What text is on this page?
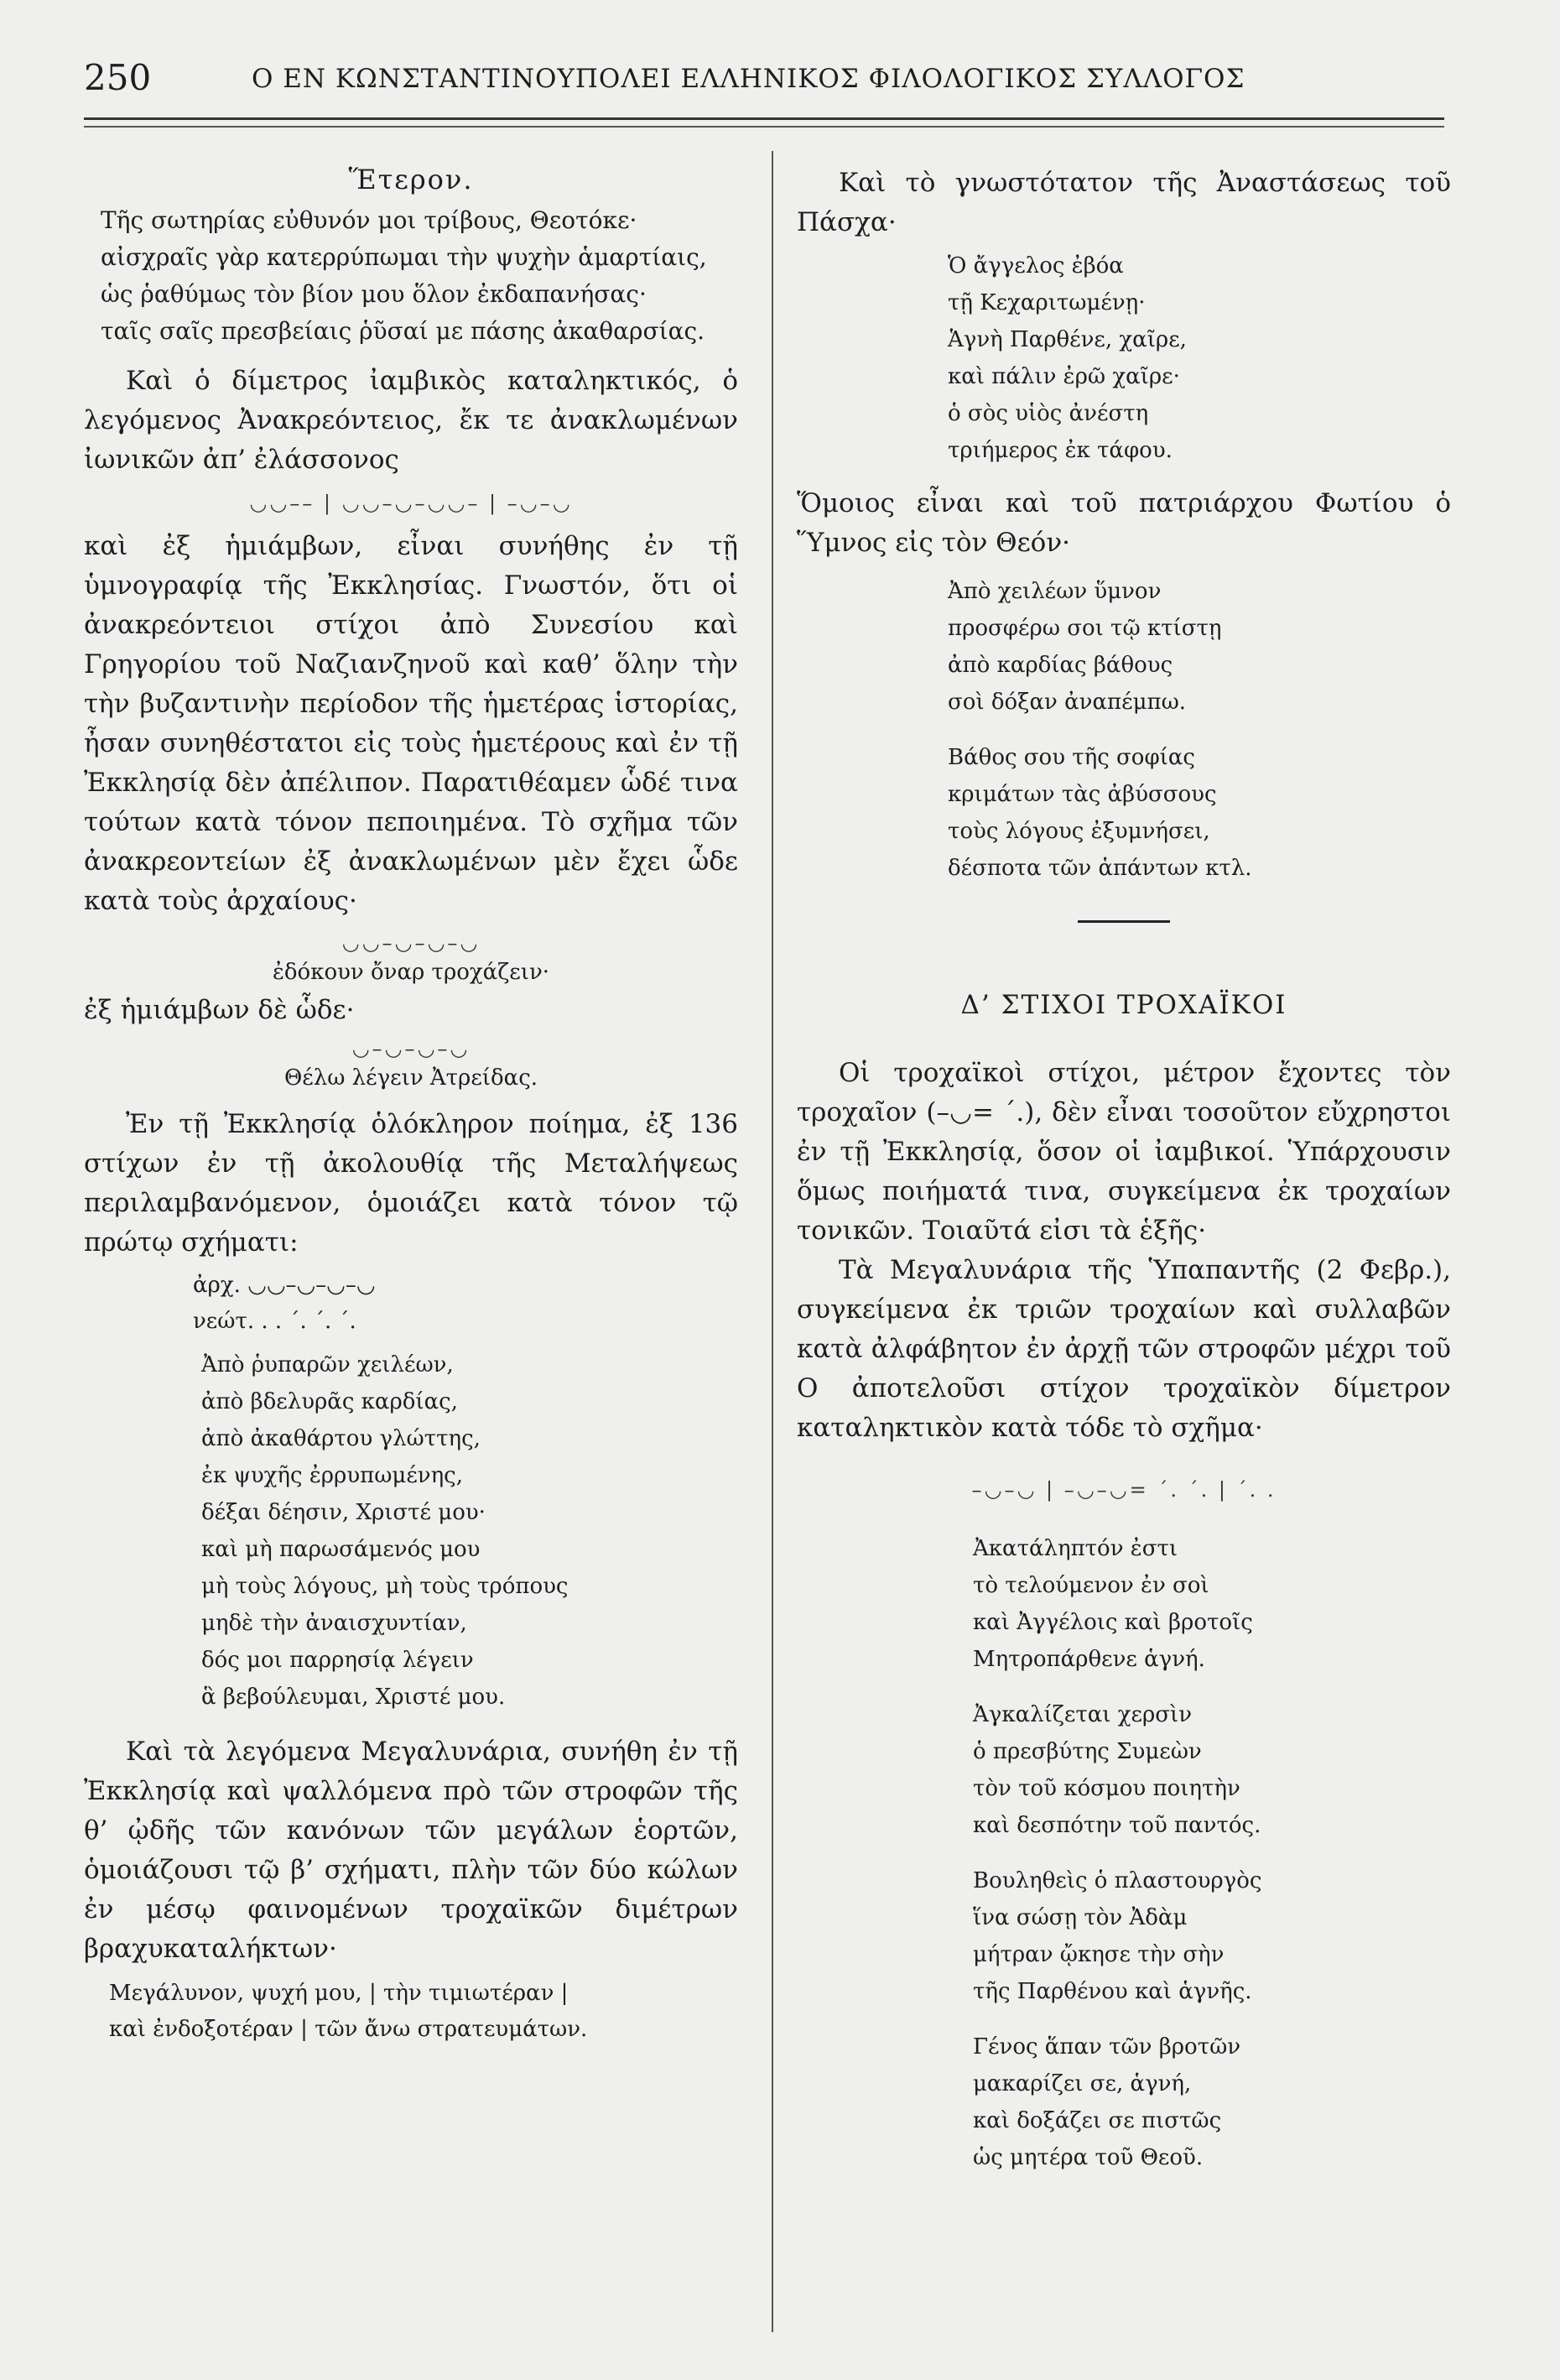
250	Ο ΕΝ ΚΩΝΣΤΑΝΤΙΝΟΥΠΟΛΕΙ ΕΛΛΗΝΙΚΟΣ ΦΙΛΟΛΟΓΙΚΟΣ ΣΥΛΛΟΓΟΣ

Ἕτερον.

Τῆς σωτηρίας εὐθυνόν μοι τρίβους, Θεοτόκε·

αἰσχραῖς γὰρ κατερρύπωμαι τὴν ψυχὴν ἁμαρτίαις,

ὡς ῥαθύμως τὸν βίον μου ὅλον ἐκδαπανήσας·

ταῖς σαῖς πρεσβείαις ῥῦσαί με πάσης ἀκαθαρσίας.

Καὶ ὁ δίμετρος ἰαμβικὸς καταληκτικός, ὁ λεγόμενος Ἀνακρεόντειος, ἔκ τε ἀνακλωμένων ἰωνικῶν ἀπ’ ἐλάσσονος

◡◡–– | ◡◡–◡–◡◡– | –◡–◡

καὶ ἐξ ἡμιάμβων, εἶναι συνήθης ἐν τῇ ὑμνογραφίᾳ τῆς Ἐκκλησίας. Γνωστόν, ὅτι οἱ ἀνακρεόντειοι στίχοι ἀπὸ Συνεσίου καὶ Γρηγορίου τοῦ Ναζιανζηνοῦ καὶ καθ’ ὅλην τὴν τὴν βυζαντινὴν περίοδον τῆς ἡμετέρας ἱστορίας, ἦσαν συνηθέστατοι εἰς τοὺς ἡμετέρους καὶ ἐν τῇ Ἐκκλησίᾳ δὲν ἀπέλιπον. Παρατιθέαμεν ὧδέ τινα τούτων κατὰ τόνον πεποιημένα. Τὸ σχῆμα τῶν ἀνακρεοντείων ἐξ ἀνακλωμένων μὲν ἔχει ὧδε κατὰ τοὺς ἀρχαίους·

◡◡–◡–◡–◡

ἐδόκουν ὄναρ τροχάζειν·

ἐξ ἡμιάμβων δὲ ὧδε·

◡–◡–◡–◡

Θέλω λέγειν Ἀτρείδας.

Ἐν τῇ Ἐκκλησίᾳ ὁλόκληρον ποίημα, ἐξ 136 στίχων ἐν τῇ ἀκολουθίᾳ τῆς Μεταλήψεως περιλαμβανόμενον, ὁμοιάζει κατὰ τόνον τῷ πρώτῳ σχήματι:

ἀρχ. ◡◡–◡–◡–◡

νεώτ. . . ´. ´. ´.

Ἀπὸ ῥυπαρῶν χειλέων,

ἀπὸ βδελυρᾶς καρδίας,

ἀπὸ ἀκαθάρτου γλώττης,

ἐκ ψυχῆς ἐρρυπωμένης,

δέξαι δέησιν, Χριστέ μου·

καὶ μὴ παρωσάμενός μου

μὴ τοὺς λόγους, μὴ τοὺς τρόπους

μηδὲ τὴν ἀναισχυντίαν,

δός μοι παρρησίᾳ λέγειν

ἃ βεβούλευμαι, Χριστέ μου.

Καὶ τὰ λεγόμενα Μεγαλυνάρια, συνήθη ἐν τῇ Ἐκκλησίᾳ καὶ ψαλλόμενα πρὸ τῶν στροφῶν τῆς θ’ ᾠδῆς τῶν κανόνων τῶν μεγάλων ἑορτῶν, ὁμοιάζουσι τῷ β’ σχήματι, πλὴν τῶν δύο κώλων ἐν μέσῳ φαινομένων τροχαϊκῶν διμέτρων βραχυκαταλήκτων·

Μεγάλυνον, ψυχή μου, | τὴν τιμιωτέραν |

καὶ ἐνδοξοτέραν | τῶν ἄνω στρατευμάτων.

Καὶ τὸ γνωστότατον τῆς Ἀναστάσεως τοῦ Πάσχα·

Ὁ ἄγγελος ἐβόα

τῇ Κεχαριτωμένῃ·

Ἁγνὴ Παρθένε, χαῖρε,

καὶ πάλιν ἐρῶ χαῖρε·

ὁ σὸς υἱὸς ἀνέστη

τριήμερος ἐκ τάφου.

Ὅμοιος εἶναι καὶ τοῦ πατριάρχου Φωτίου ὁ Ὕμνος εἰς τὸν Θεόν·

Ἀπὸ χειλέων ὕμνον

προσφέρω σοι τῷ κτίστῃ

ἀπὸ καρδίας βάθους

σοὶ δόξαν ἀναπέμπω.

Βάθος σου τῆς σοφίας

κριμάτων τὰς ἀβύσσους

τοὺς λόγους ἐξυμνήσει,

δέσποτα τῶν ἁπάντων κτλ.

Δ’ ΣΤΙΧΟΙ ΤΡΟΧΑΪΚΟΙ

Οἱ τροχαϊκοὶ στίχοι, μέτρον ἔχοντες τὸν τροχαῖον (–◡= ´.), δὲν εἶναι τοσοῦτον εὔχρηστοι ἐν τῇ Ἐκκλησίᾳ, ὅσον οἱ ἰαμβικοί. Ὑπάρχουσιν ὅμως ποιήματά τινα, συγκείμενα ἐκ τροχαίων τονικῶν. Τοιαῦτά εἰσι τὰ ἑξῆς·

Τὰ Μεγαλυνάρια τῆς Ὑπαπαντῆς (2 Φεβρ.), συγκείμενα ἐκ τριῶν τροχαίων καὶ συλλαβῶν κατὰ ἀλφάβητον ἐν ἀρχῇ τῶν στροφῶν μέχρι τοῦ Ο ἀποτελοῦσι στίχον τροχαϊκὸν δίμετρον καταληκτικὸν κατὰ τόδε τὸ σχῆμα·

–◡–◡ | –◡–◡= ´. ´. | ´. .

Ἀκατάληπτόν ἐστι

τὸ τελούμενον ἐν σοὶ

καὶ Ἀγγέλοις καὶ βροτοῖς

Μητροπάρθενε ἁγνή.

Ἀγκαλίζεται χερσὶν

ὁ πρεσβύτης Συμεὼν

τὸν τοῦ κόσμου ποιητὴν

καὶ δεσπότην τοῦ παντός.

Βουληθεὶς ὁ πλαστουργὸς

ἵνα σώσῃ τὸν Ἀδὰμ

μήτραν ᾤκησε τὴν σὴν

τῆς Παρθένου καὶ ἁγνῆς.

Γένος ἅπαν τῶν βροτῶν

μακαρίζει σε, ἁγνή,

καὶ δοξάζει σε πιστῶς

ὡς μητέρα τοῦ Θεοῦ.
